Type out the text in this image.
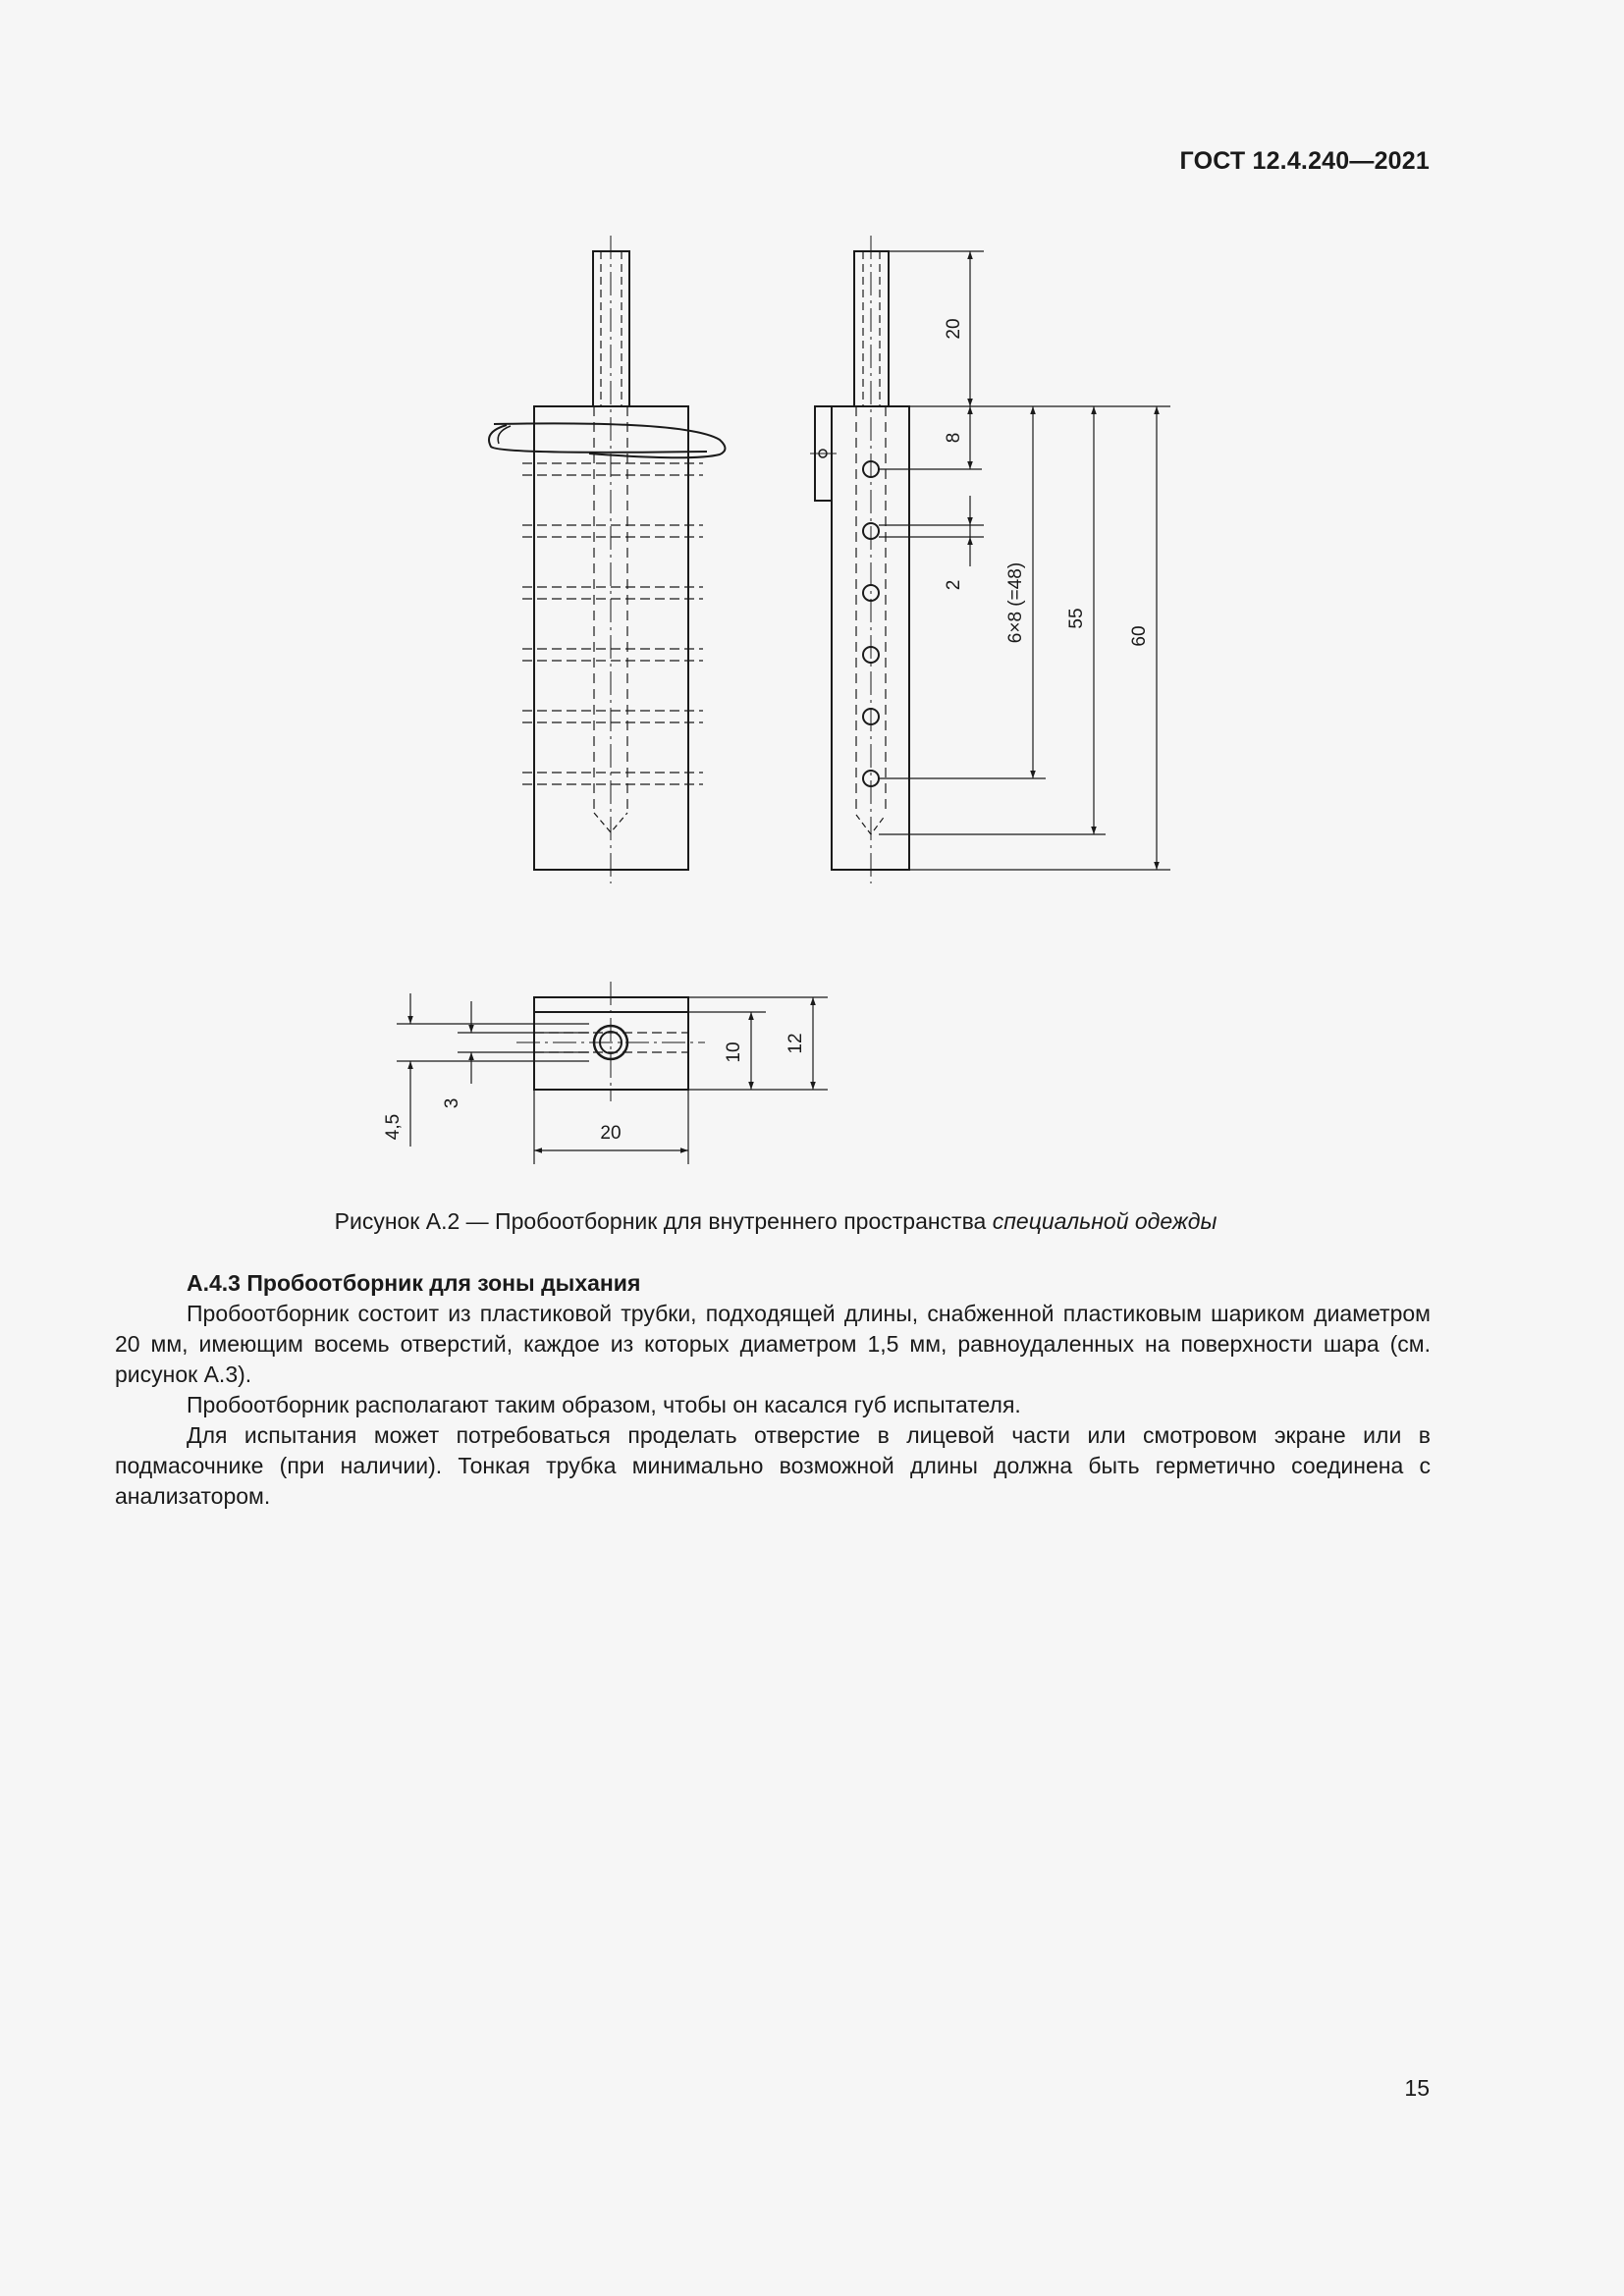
ГОСТ 12.4.240—2021
20
8
2 6×8 (=48) 55
60
10 12
20
3
4,5
Рисунок А.2 — Пробоотборник для внутреннего пространства специальной одежды

А.4.3 Пробоотборник для зоны дыхания

Пробоотборник состоит из пластиковой трубки, подходящей длины, снабженной пластиковым шариком диаметром 20 мм, имеющим восемь отверстий, каждое из которых диаметром 1,5 мм, равноудаленных на поверхности шара (см. рисунок А.3).

Пробоотборник располагают таким образом, чтобы он касался губ испытателя.

Для испытания может потребоваться проделать отверстие в лицевой части или смотровом экране или в подмасочнике (при наличии). Тонкая трубка минимально возможной длины должна быть герметично соединена с анализатором.

15
